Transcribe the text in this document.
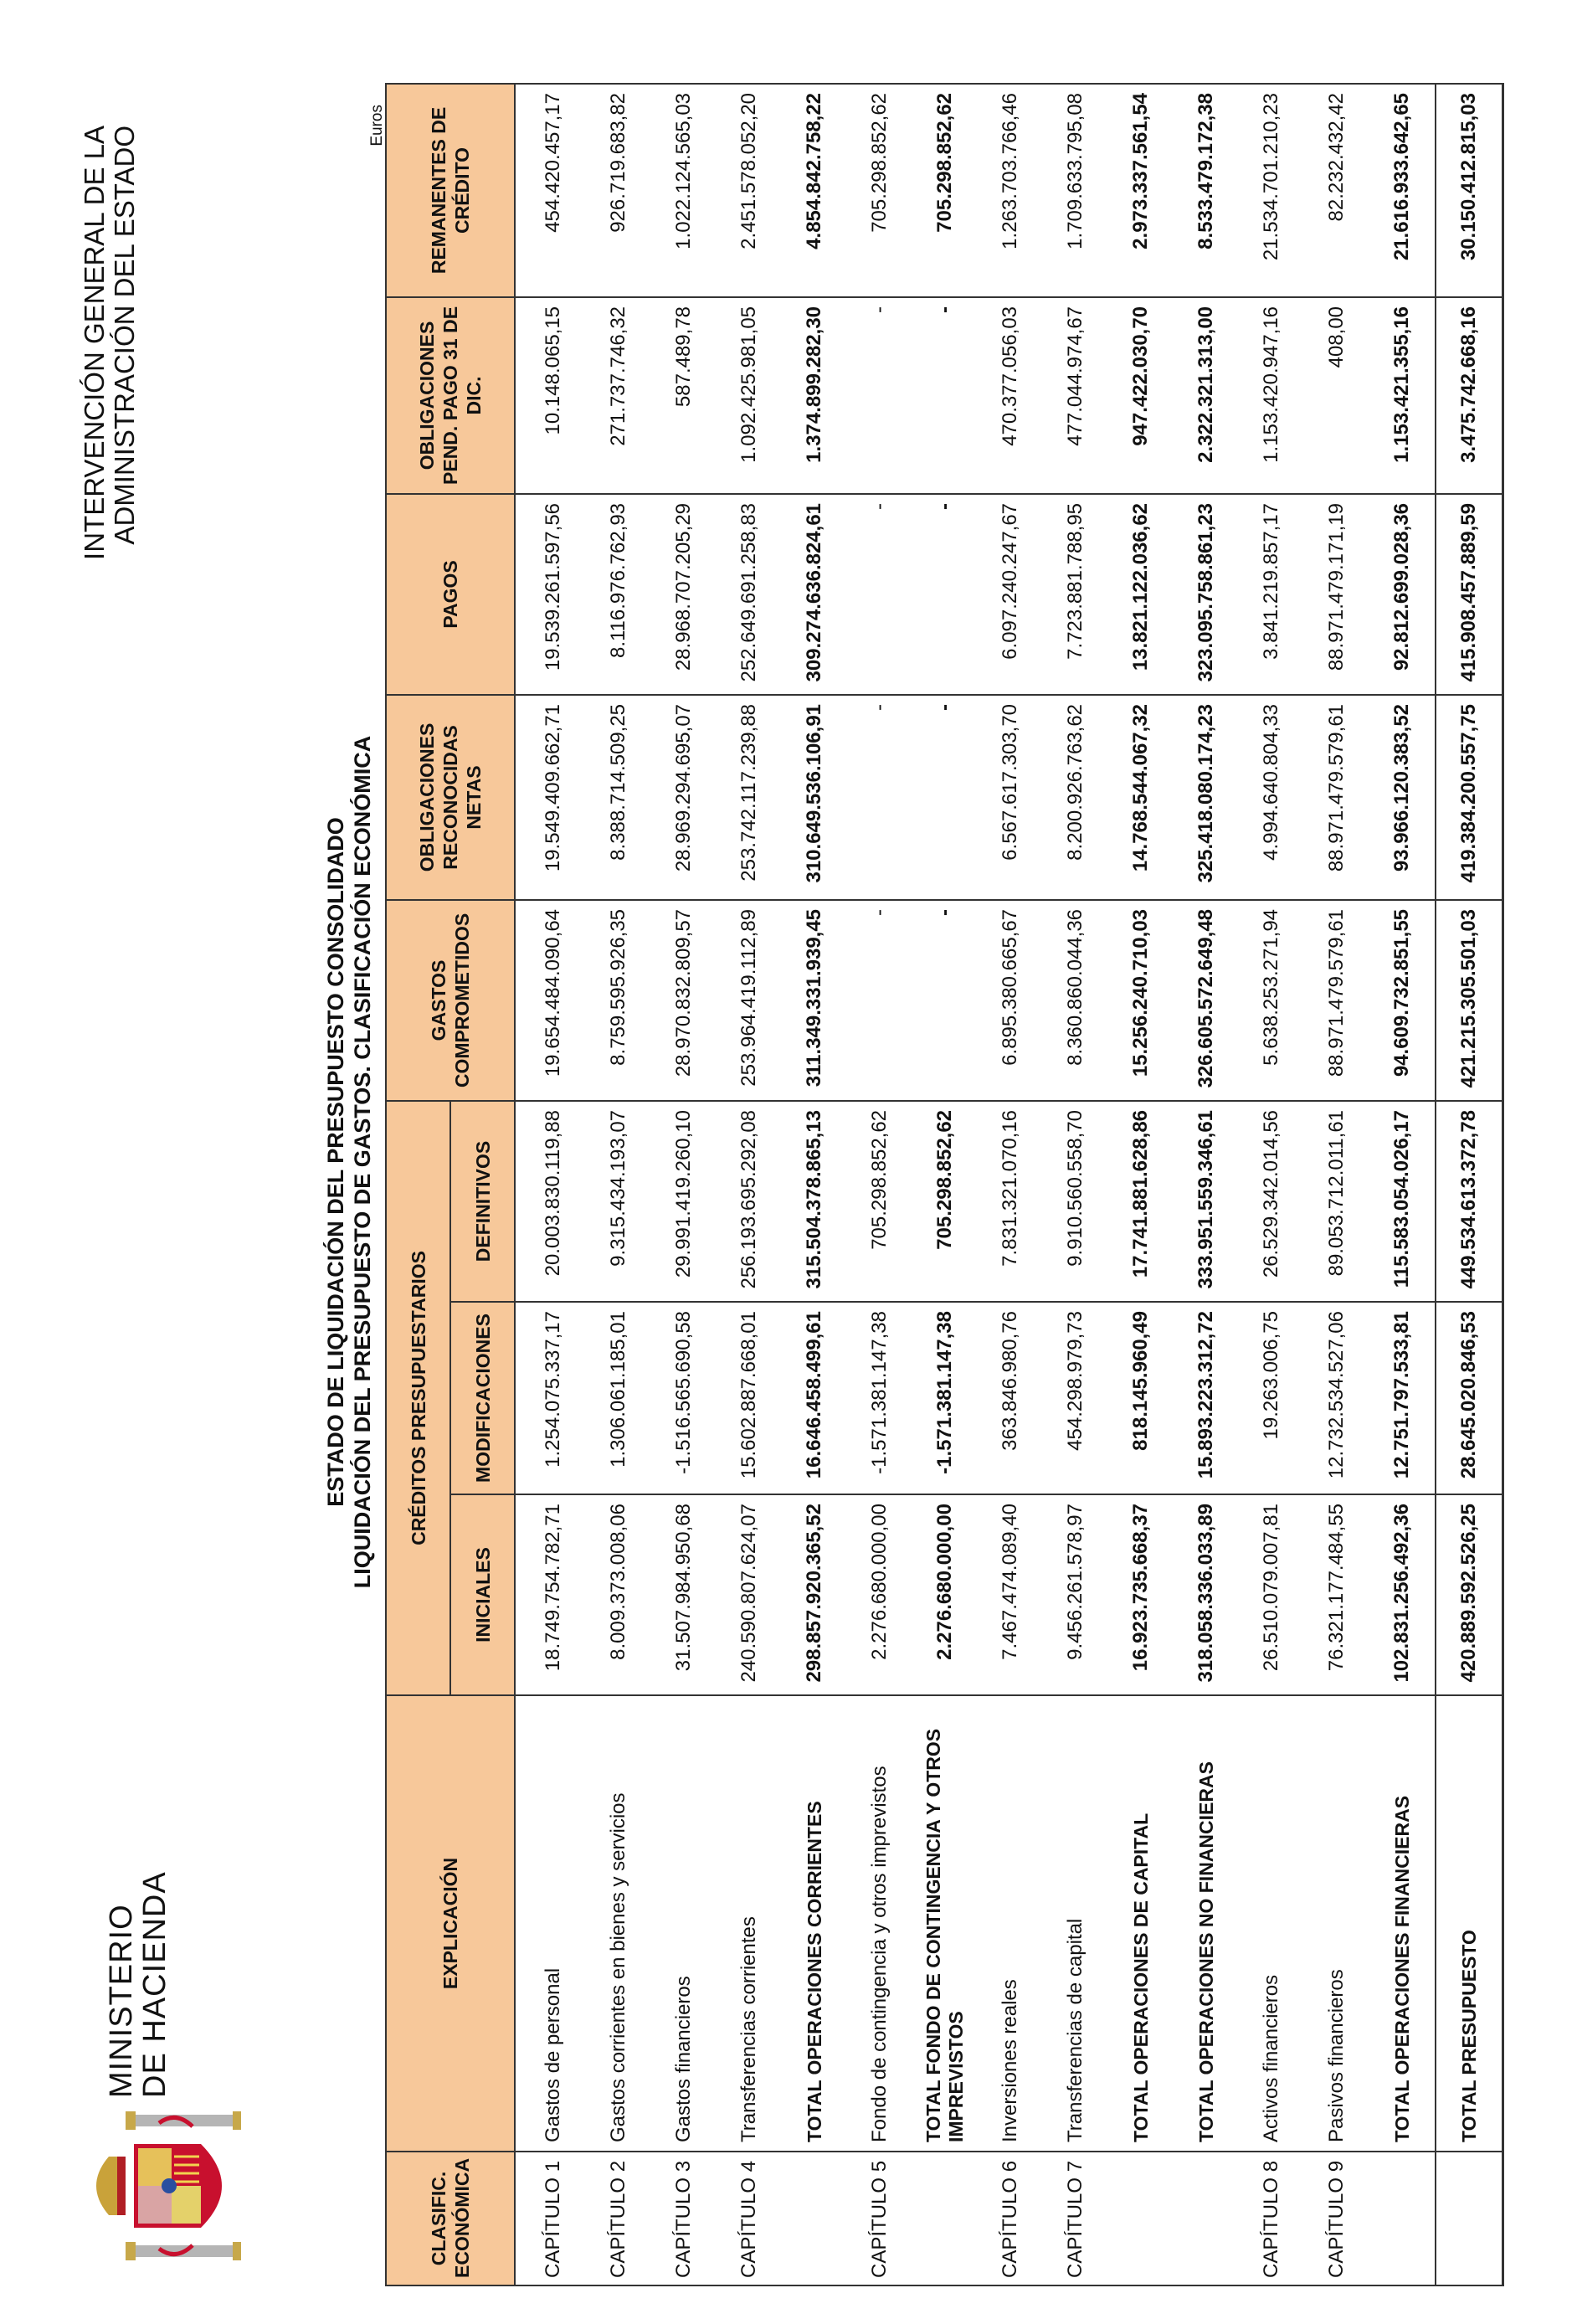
MINISTERIO
DE HACIENDA
INTERVENCIÓN GENERAL DE LA ADMINISTRACIÓN DEL ESTADO
ESTADO DE LIQUIDACIÓN DEL PRESUPUESTO CONSOLIDADO LIQUIDACIÓN DEL PRESUPUESTO DE GASTOS. CLASIFICACIÓN ECONÓMICA
Euros
CLASIFIC. ECONÓMICA	EXPLICACIÓN	CRÉDITOS PRESUPUESTARIOS			GASTOS COMPROMETIDOS	OBLIGACIONES RECONOCIDAS NETAS	PAGOS	OBLIGACIONES PEND. PAGO 31 DE DIC.	REMANENTES DE CRÉDITO
		INICIALES	MODIFICACIONES	DEFINITIVOS					
CAPÍTULO 1	Gastos de personal	18.749.754.782,71	1.254.075.337,17	20.003.830.119,88	19.654.484.090,64	19.549.409.662,71	19.539.261.597,56	10.148.065,15	454.420.457,17
CAPÍTULO 2	Gastos corrientes en bienes y servicios	8.009.373.008,06	1.306.061.185,01	9.315.434.193,07	8.759.595.926,35	8.388.714.509,25	8.116.976.762,93	271.737.746,32	926.719.683,82
CAPÍTULO 3	Gastos financieros	31.507.984.950,68	-1.516.565.690,58	29.991.419.260,10	28.970.832.809,57	28.969.294.695,07	28.968.707.205,29	587.489,78	1.022.124.565,03
CAPÍTULO 4	Transferencias corrientes	240.590.807.624,07	15.602.887.668,01	256.193.695.292,08	253.964.419.112,89	253.742.117.239,88	252.649.691.258,83	1.092.425.981,05	2.451.578.052,20
	TOTAL OPERACIONES CORRIENTES	298.857.920.365,52	16.646.458.499,61	315.504.378.865,13	311.349.331.939,45	310.649.536.106,91	309.274.636.824,61	1.374.899.282,30	4.854.842.758,22
CAPÍTULO 5	Fondo de contingencia y otros imprevistos	2.276.680.000,00	-1.571.381.147,38	705.298.852,62	-	-	-	-	705.298.852,62
	TOTAL FONDO DE CONTINGENCIA Y OTROS IMPREVISTOS	2.276.680.000,00	-1.571.381.147,38	705.298.852,62	-	-	-	-	705.298.852,62
CAPÍTULO 6	Inversiones reales	7.467.474.089,40	363.846.980,76	7.831.321.070,16	6.895.380.665,67	6.567.617.303,70	6.097.240.247,67	470.377.056,03	1.263.703.766,46
CAPÍTULO 7	Transferencias de capital	9.456.261.578,97	454.298.979,73	9.910.560.558,70	8.360.860.044,36	8.200.926.763,62	7.723.881.788,95	477.044.974,67	1.709.633.795,08
	TOTAL OPERACIONES DE CAPITAL	16.923.735.668,37	818.145.960,49	17.741.881.628,86	15.256.240.710,03	14.768.544.067,32	13.821.122.036,62	947.422.030,70	2.973.337.561,54
	TOTAL OPERACIONES NO FINANCIERAS	318.058.336.033,89	15.893.223.312,72	333.951.559.346,61	326.605.572.649,48	325.418.080.174,23	323.095.758.861,23	2.322.321.313,00	8.533.479.172,38
CAPÍTULO 8	Activos financieros	26.510.079.007,81	19.263.006,75	26.529.342.014,56	5.638.253.271,94	4.994.640.804,33	3.841.219.857,17	1.153.420.947,16	21.534.701.210,23
CAPÍTULO 9	Pasivos financieros	76.321.177.484,55	12.732.534.527,06	89.053.712.011,61	88.971.479.579,61	88.971.479.579,61	88.971.479.171,19	408,00	82.232.432,42
	TOTAL OPERACIONES FINANCIERAS	102.831.256.492,36	12.751.797.533,81	115.583.054.026,17	94.609.732.851,55	93.966.120.383,52	92.812.699.028,36	1.153.421.355,16	21.616.933.642,65
	TOTAL PRESUPUESTO	420.889.592.526,25	28.645.020.846,53	449.534.613.372,78	421.215.305.501,03	419.384.200.557,75	415.908.457.889,59	3.475.742.668,16	30.150.412.815,03
